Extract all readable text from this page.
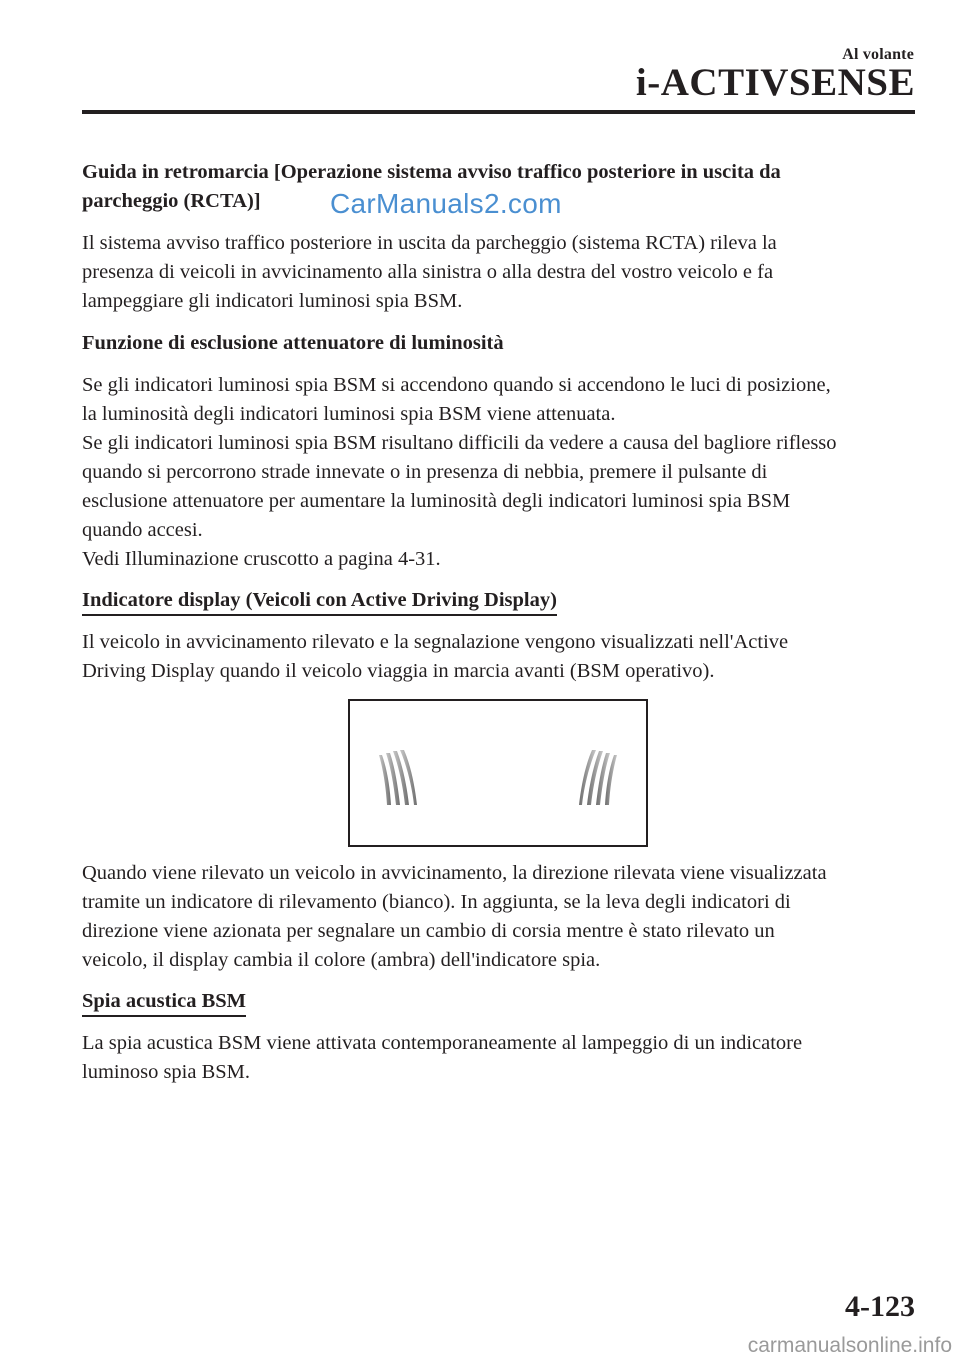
Al volante
i-ACTIVSENSE
Guida in retromarcia [Operazione sistema avviso traffico posteriore in uscita da
parcheggio (RCTA)]	CarManuals2.com
Il sistema avviso traffico posteriore in uscita da parcheggio (sistema RCTA) rileva la
presenza di veicoli in avvicinamento alla sinistra o alla destra del vostro veicolo e fa
lampeggiare gli indicatori luminosi spia BSM.
Funzione di esclusione attenuatore di luminosità
Se gli indicatori luminosi spia BSM si accendono quando si accendono le luci di posizione,
la luminosità degli indicatori luminosi spia BSM viene attenuata.
Se gli indicatori luminosi spia BSM risultano difficili da vedere a causa del bagliore riflesso
quando si percorrono strade innevate o in presenza di nebbia, premere il pulsante di
esclusione attenuatore per aumentare la luminosità degli indicatori luminosi spia BSM
quando accesi.
Vedi Illuminazione cruscotto a pagina 4-31.
Indicatore display (Veicoli con Active Driving Display)
Il veicolo in avvicinamento rilevato e la segnalazione vengono visualizzati nell'Active
Driving Display quando il veicolo viaggia in marcia avanti (BSM operativo).
Quando viene rilevato un veicolo in avvicinamento, la direzione rilevata viene visualizzata
tramite un indicatore di rilevamento (bianco). In aggiunta, se la leva degli indicatori di
direzione viene azionata per segnalare un cambio di corsia mentre è stato rilevato un
veicolo, il display cambia il colore (ambra) dell'indicatore spia.
Spia acustica BSM
La spia acustica BSM viene attivata contemporaneamente al lampeggio di un indicatore
luminoso spia BSM.
4-123
carmanualsonline.info
